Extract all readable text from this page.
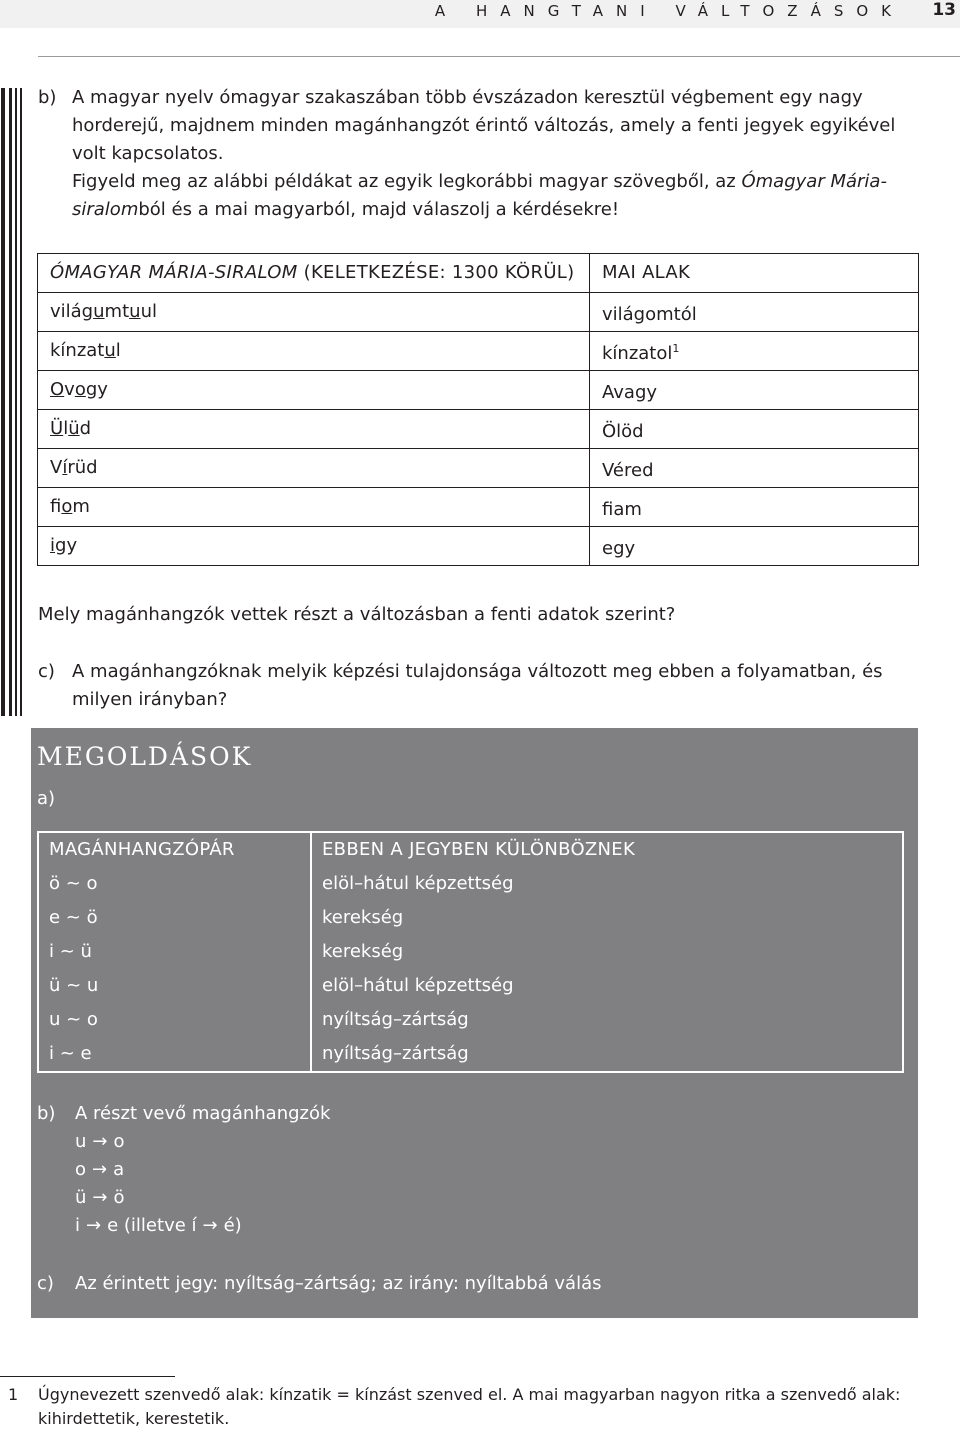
A HANGTANI VÁLTOZÁSOK 13
b) A magyar nyelv ómagyar szakaszában több évszázadon keresztül végbement egy nagy horderejű, majdnem minden magánhangzót érintő változás, amely a fenti jegyek egyikével volt kapcsolatos.
Figyeld meg az alábbi példákat az egyik legkorábbi magyar szövegből, az Ómagyar Mária-siralomból és a mai magyarból, majd válaszolj a kérdésekre!
ÓMAGYAR MÁRIA-SIRALOM (KELETKEZÉSE: 1300 KÖRÜL)	MAI ALAK
világumtuul	világomtól
kínzatul	kínzatol$^1$
Ovogy	Avagy
Ülüd	Ölöd
Vírüd	Véred
fiom	fiam
igy	egy
Mely magánhangzók vettek részt a változásban a fenti adatok szerint?
c) A magánhangzóknak melyik képzési tulajdonsága változott meg ebben a folyamatban, és milyen irányban?
MEGOLDÁSOK
a)
MAGÁNHANGZÓPÁR	EBBEN A JEGYBEN KÜLÖNBÖZNEK
ö ~ o	elöl–hátul képzettség
e ~ ö	kerekség
i ~ ü	kerekség
ü ~ u	elöl–hátul képzettség
u ~ o	nyíltság–zártság
i ~ e	nyíltság–zártság
b) A részt vevő magánhangzók
u → o
o → a
ü → ö
i → e (illetve í → é)
c) Az érintett jegy: nyíltság–zártság; az irány: nyíltabbá válás
1 Úgynevezett szenvedő alak: kínzatik = kínzást szenved el. A mai magyarban nagyon ritka a szenvedő alak: kihirdettetik, kerestetik.
